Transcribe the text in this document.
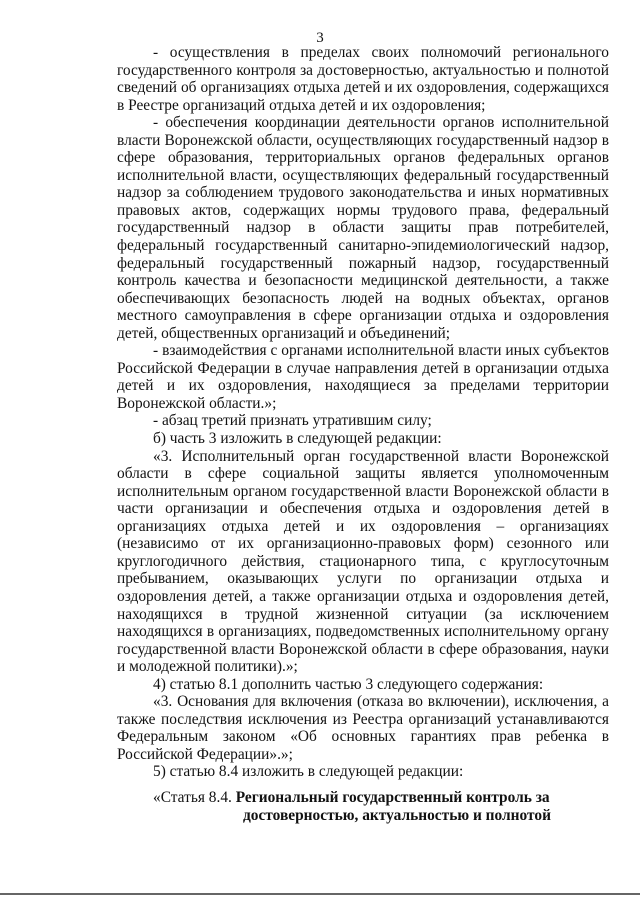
3

- осуществления в пределах своих полномочий регионального государственного контроля за достоверностью, актуальностью и полнотой сведений об организациях отдыха детей и их оздоровления, содержащихся в Реестре организаций отдыха детей и их оздоровления;

- обеспечения координации деятельности органов исполнительной власти Воронежской области, осуществляющих государственный надзор в сфере образования, территориальных органов федеральных органов исполнительной власти, осуществляющих федеральный государственный надзор за соблюдением трудового законодательства и иных нормативных правовых актов, содержащих нормы трудового права, федеральный государственный надзор в области защиты прав потребителей, федеральный государственный санитарно-эпидемиологический надзор, федеральный государственный пожарный надзор, государственный контроль качества и безопасности медицинской деятельности, а также обеспечивающих безопасность людей на водных объектах, органов местного самоуправления в сфере организации отдыха и оздоровления детей, общественных организаций и объединений;

- взаимодействия с органами исполнительной власти иных субъектов Российской Федерации в случае направления детей в организации отдыха детей и их оздоровления, находящиеся за пределами территории Воронежской области.»;

- абзац третий признать утратившим силу;

б) часть 3 изложить в следующей редакции:

«3. Исполнительный орган государственной власти Воронежской области в сфере социальной защиты является уполномоченным исполнительным органом государственной власти Воронежской области в части организации и обеспечения отдыха и оздоровления детей в организациях отдыха детей и их оздоровления – организациях (независимо от их организационно-правовых форм) сезонного или круглогодичного действия, стационарного типа, с круглосуточным пребыванием, оказывающих услуги по организации отдыха и оздоровления детей, а также организации отдыха и оздоровления детей, находящихся в трудной жизненной ситуации (за исключением находящихся в организациях, подведомственных исполнительному органу государственной власти Воронежской области в сфере образования, науки и молодежной политики).»;

4) статью 8.1 дополнить частью 3 следующего содержания:

«3. Основания для включения (отказа во включении), исключения, а также последствия исключения из Реестра организаций устанавливаются Федеральным законом «Об основных гарантиях прав ребенка в Российской Федерации».»;

5) статью 8.4 изложить в следующей редакции:

«Статья 8.4. Региональный государственный контроль за

достоверностью, актуальностью и полнотой
